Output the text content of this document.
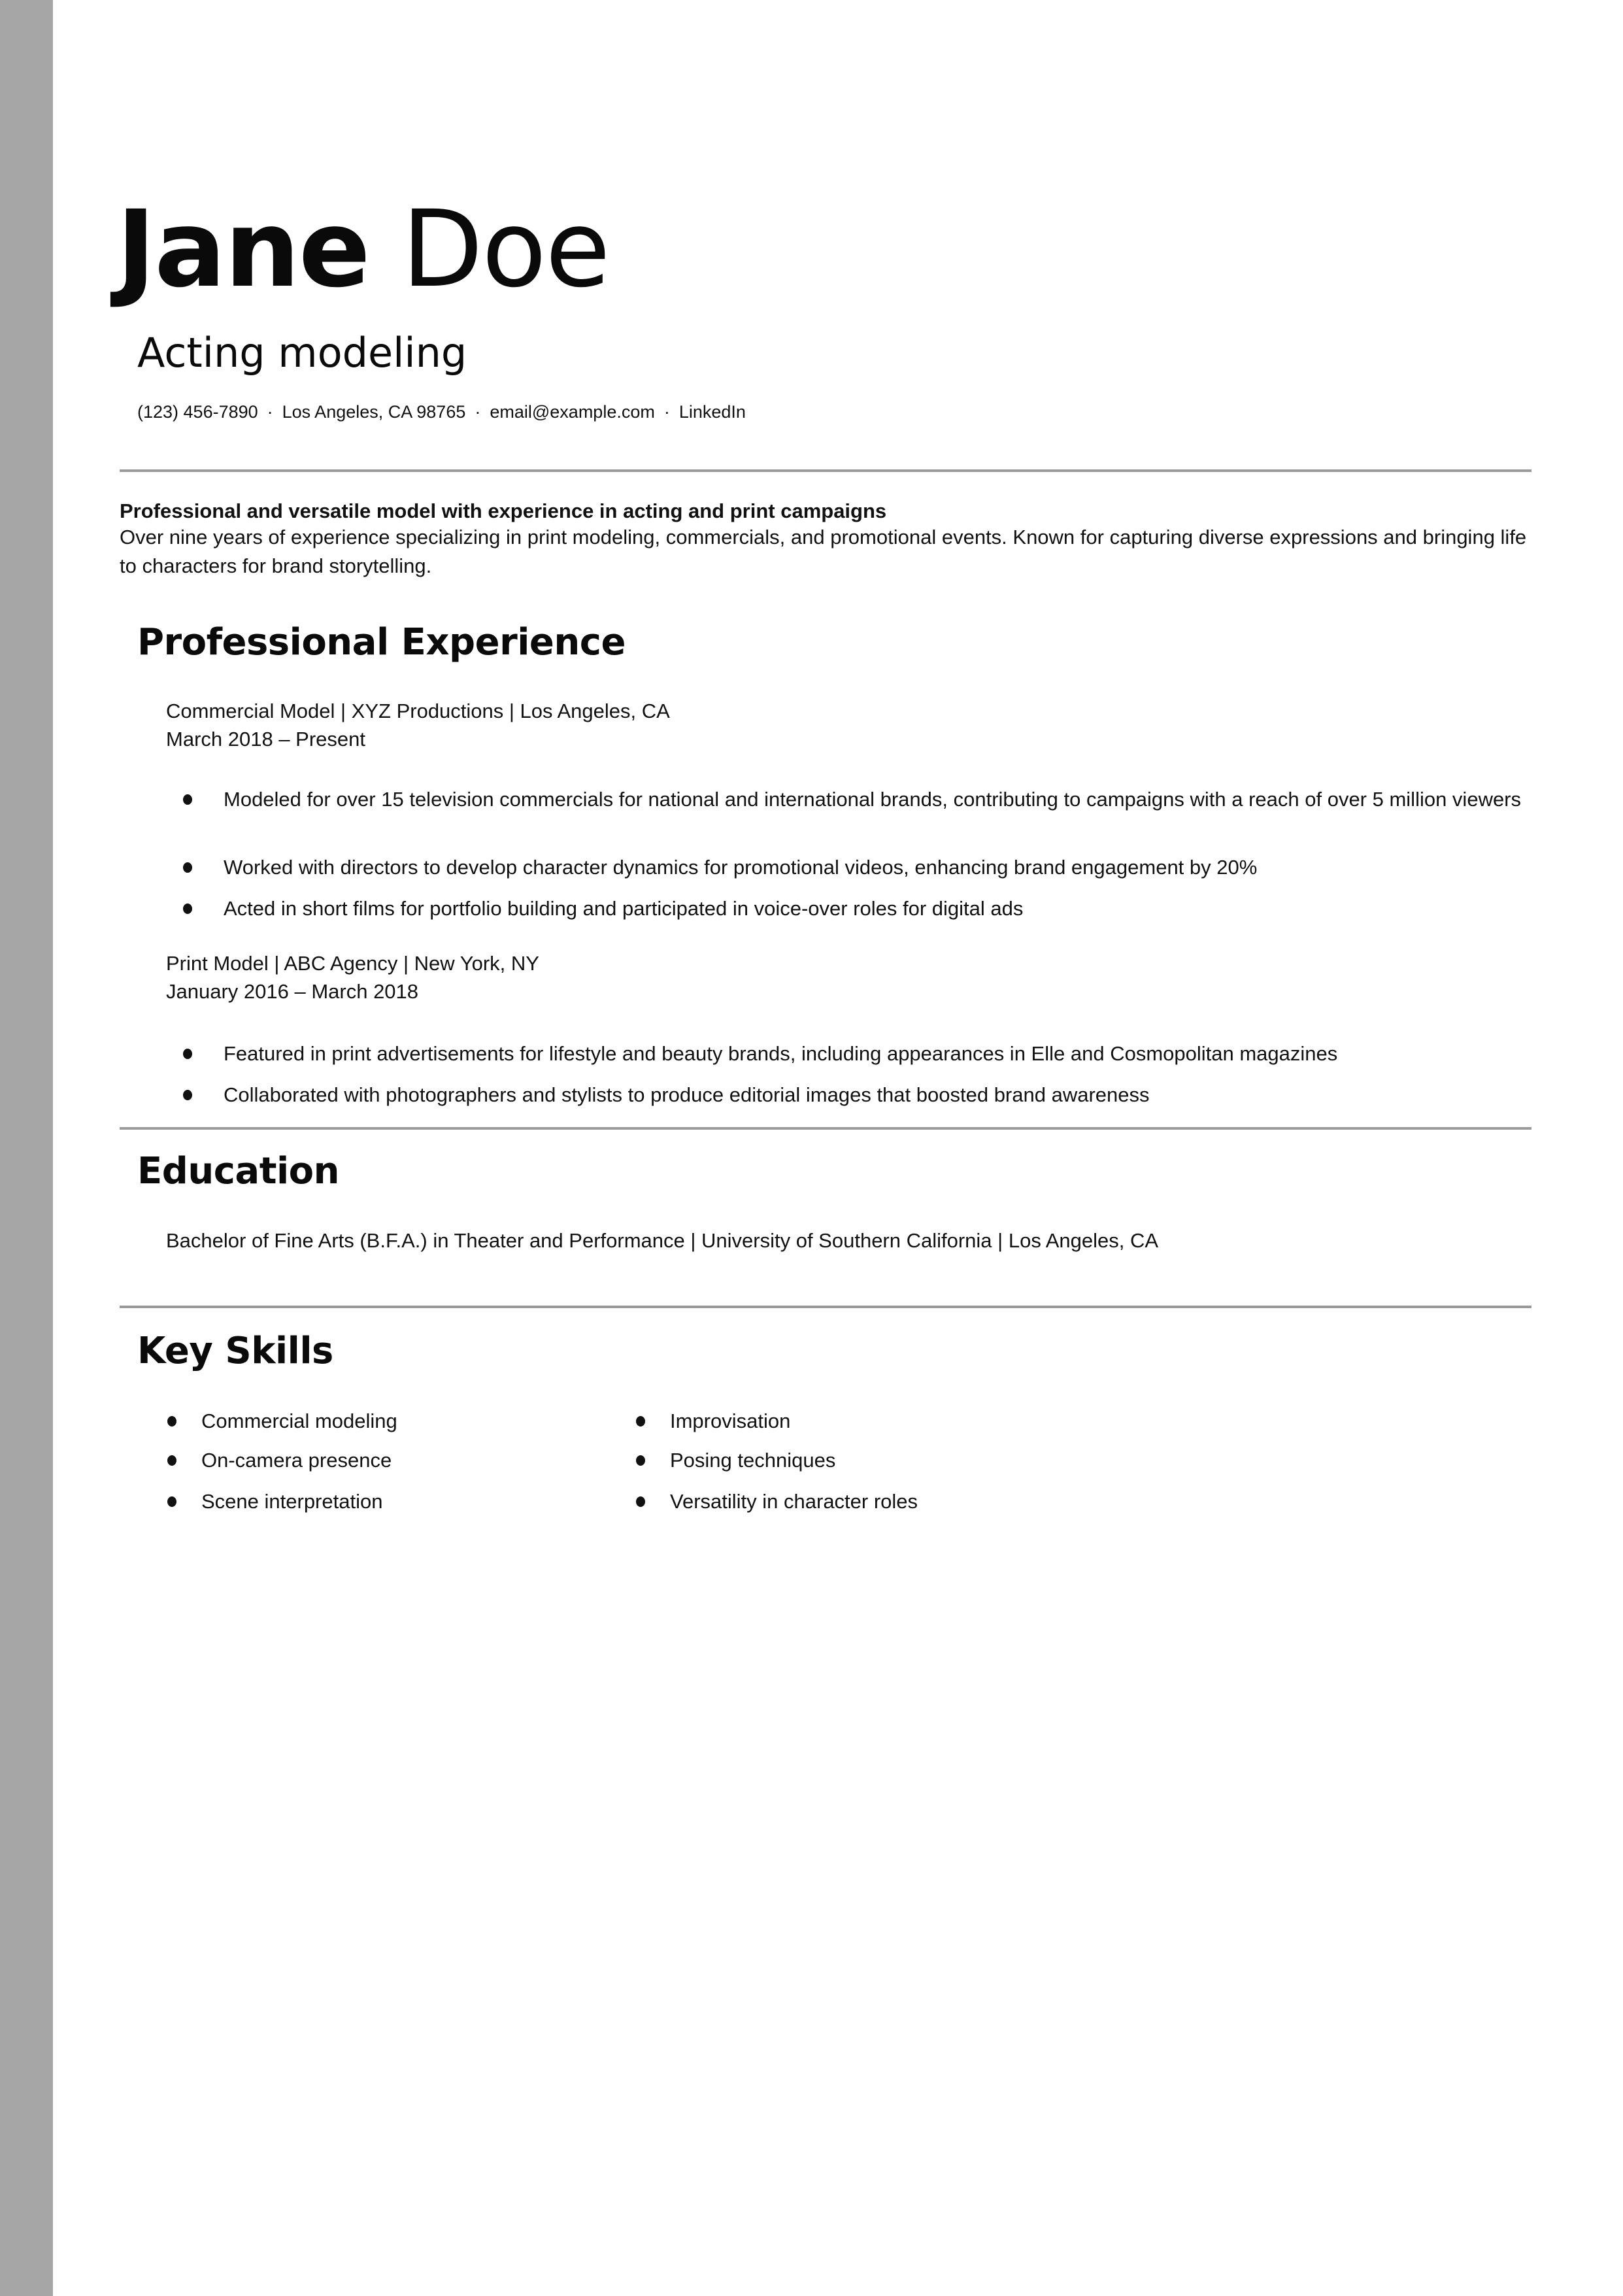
Jane Doe
Acting modeling
(123) 456-7890 · Los Angeles, CA 98765 · email@example.com · LinkedIn
Professional and versatile model with experience in acting and print campaigns
Over nine years of experience specializing in print modeling, commercials, and promotional events. Known for capturing diverse expressions and bringing life to characters for brand storytelling.
Professional Experience
Commercial Model | XYZ Productions | Los Angeles, CA
March 2018 – Present
Modeled for over 15 television commercials for national and international brands, contributing to campaigns with a reach of over 5 million viewers
Worked with directors to develop character dynamics for promotional videos, enhancing brand engagement by 20%
Acted in short films for portfolio building and participated in voice-over roles for digital ads
Print Model | ABC Agency | New York, NY
January 2016 – March 2018
Featured in print advertisements for lifestyle and beauty brands, including appearances in Elle and Cosmopolitan magazines
Collaborated with photographers and stylists to produce editorial images that boosted brand awareness
Education
Bachelor of Fine Arts (B.F.A.) in Theater and Performance | University of Southern California | Los Angeles, CA
Key Skills
Commercial modeling
On-camera presence
Scene interpretation
Improvisation
Posing techniques
Versatility in character roles
